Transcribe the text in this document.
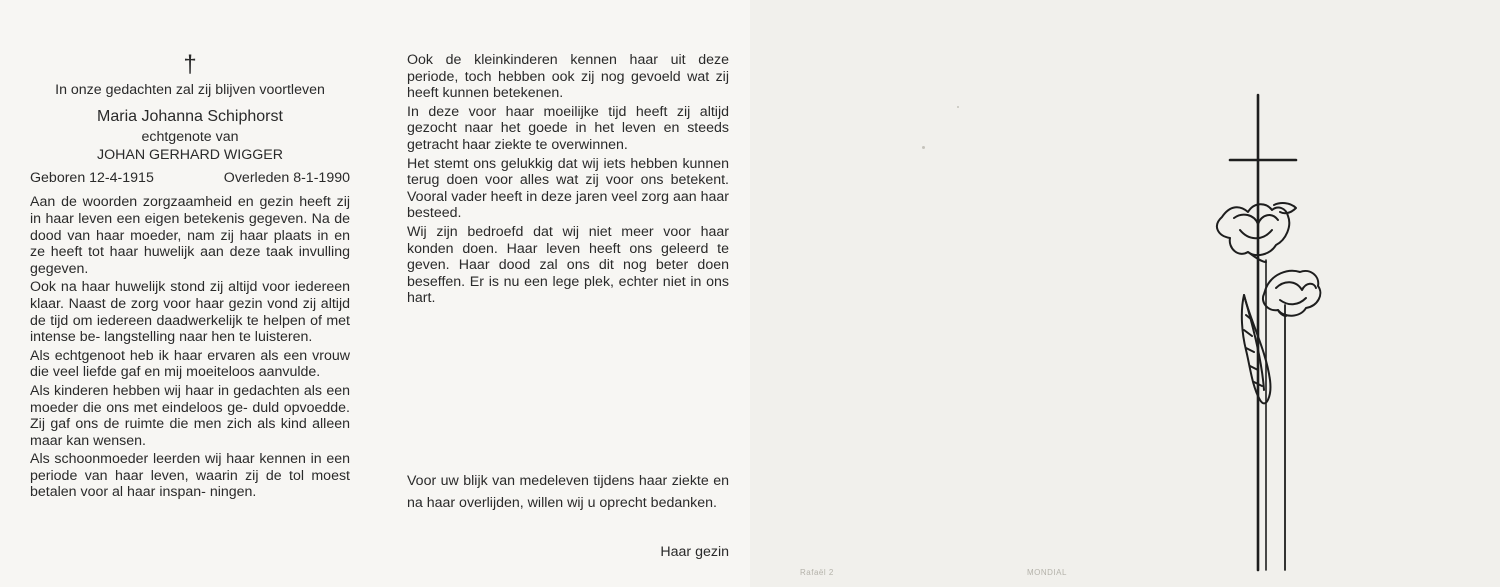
†
In onze gedachten zal zij blijven voortleven
Maria Johanna Schiphorst
echtgenote van
JOHAN GERHARD WIGGER
Geboren 12-4-1915	Overleden 8-1-1990

Aan de woorden zorgzaamheid en gezin heeft zij in haar leven een eigen betekenis gegeven. Na de dood van haar moeder, nam zij haar plaats in en ze heeft tot haar huwelijk aan deze taak invulling gegeven.

Ook na haar huwelijk stond zij altijd voor iedereen klaar. Naast de zorg voor haar gezin vond zij altijd de tijd om iedereen daadwerkelijk te helpen of met intense be- langstelling naar hen te luisteren.

Als echtgenoot heb ik haar ervaren als een vrouw die veel liefde gaf en mij moeiteloos aanvulde.

Als kinderen hebben wij haar in gedachten als een moeder die ons met eindeloos ge- duld opvoedde. Zij gaf ons de ruimte die men zich als kind alleen maar kan wensen.

Als schoonmoeder leerden wij haar kennen in een periode van haar leven, waarin zij de tol moest betalen voor al haar inspan- ningen.

Ook de kleinkinderen kennen haar uit deze periode, toch hebben ook zij nog gevoeld wat zij heeft kunnen betekenen.

In deze voor haar moeilijke tijd heeft zij altijd gezocht naar het goede in het leven en steeds getracht haar ziekte te overwinnen.

Het stemt ons gelukkig dat wij iets hebben kunnen terug doen voor alles wat zij voor ons betekent. Vooral vader heeft in deze jaren veel zorg aan haar besteed.

Wij zijn bedroefd dat wij niet meer voor haar konden doen. Haar leven heeft ons geleerd te geven. Haar dood zal ons dit nog beter doen beseffen. Er is nu een lege plek, echter niet in ons hart.

Voor uw blijk van medeleven tijdens haar ziekte en na haar overlijden, willen wij u oprecht bedanken.
Haar gezin
Rafaël 2	MONDIAL
